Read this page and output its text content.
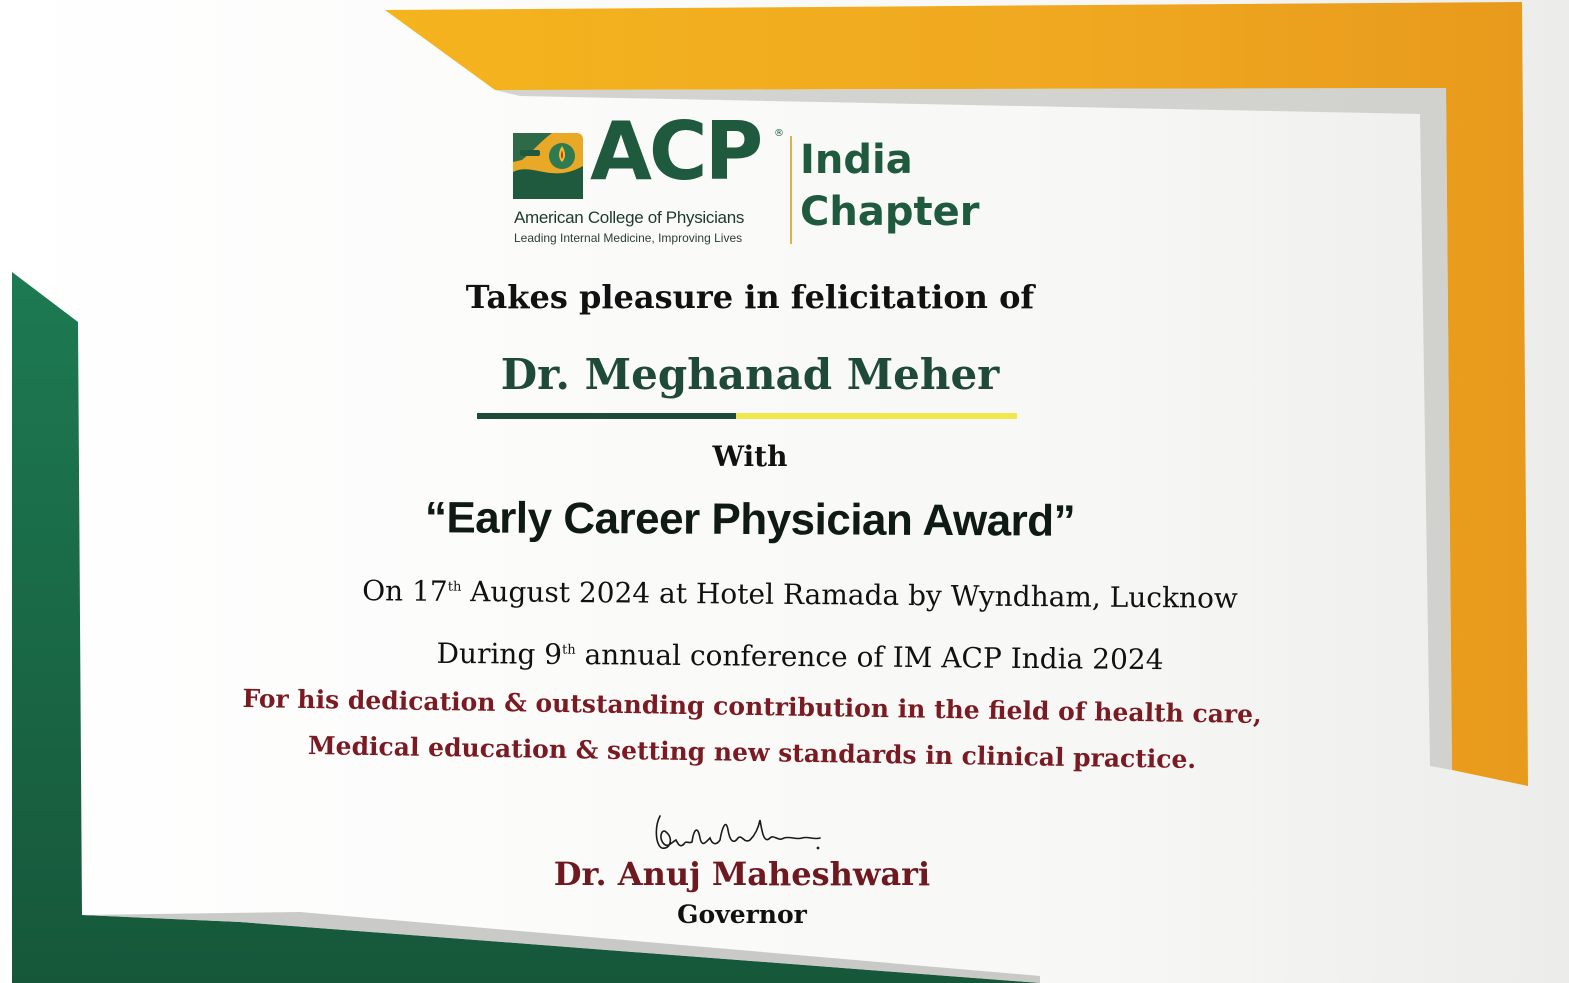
ACP ®
American College of Physicians
Leading Internal Medicine, Improving Lives
India
Chapter
Takes pleasure in felicitation of
Dr. Meghanad Meher
With
“Early Career Physician Award”
On 17th August 2024 at Hotel Ramada by Wyndham, Lucknow
During 9th annual conference of IM ACP India 2024
For his dedication & outstanding contribution in the field of health care,
Medical education & setting new standards in clinical practice.
Dr. Anuj Maheshwari
Governor
